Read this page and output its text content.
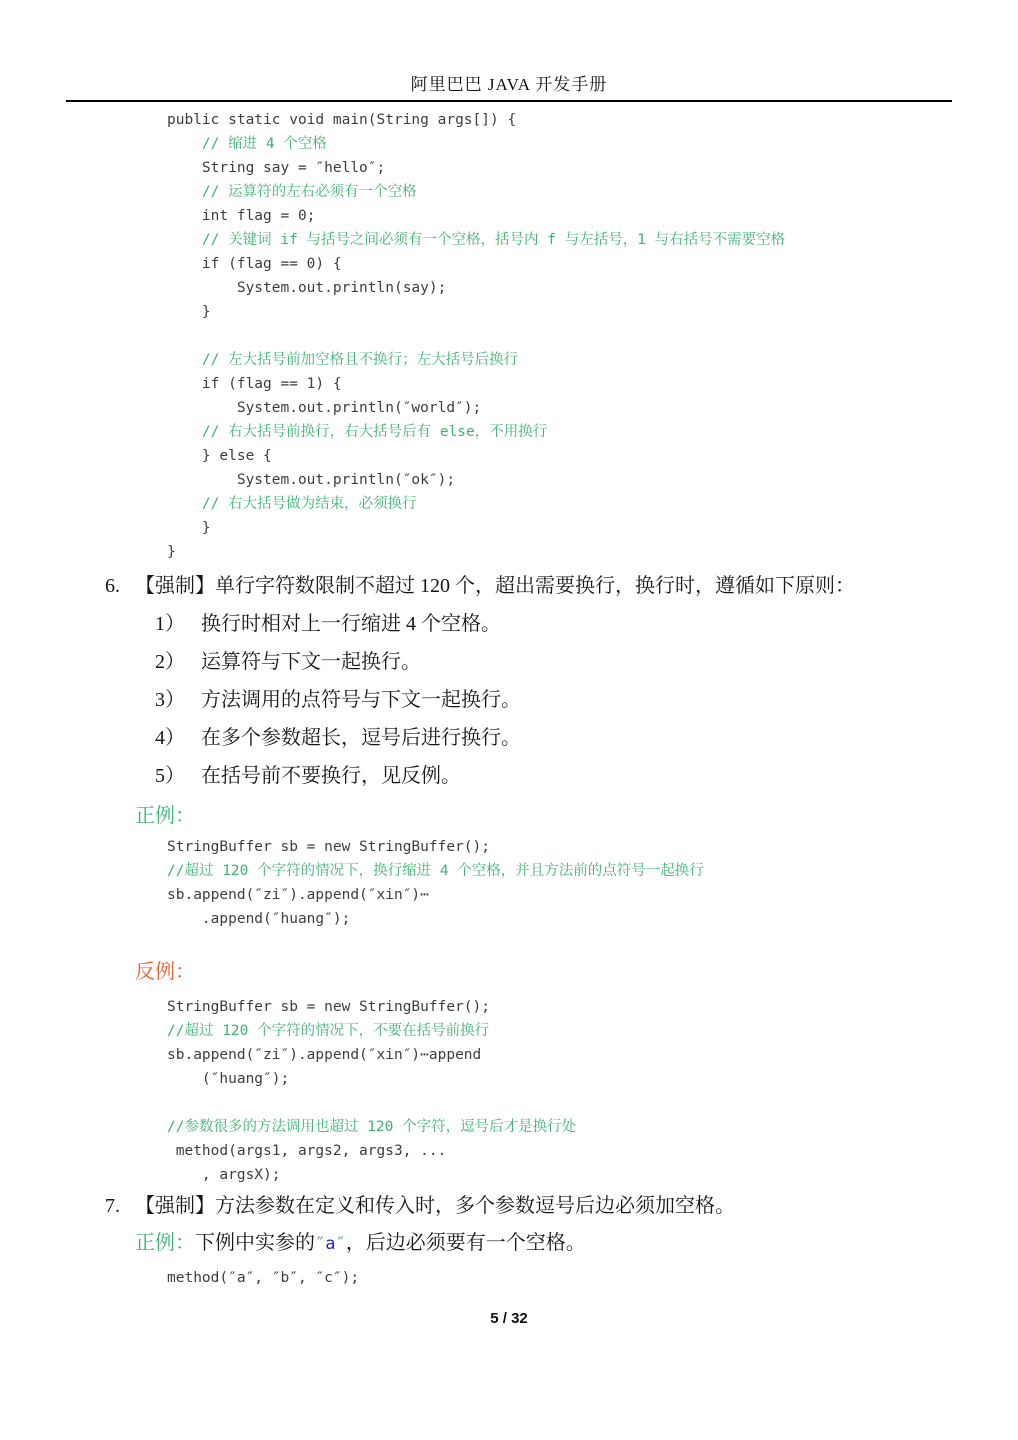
阿里巴巴 JAVA 开发手册
public static void main(String args[]) {
// 缩进 4 个空格
String say = ″hello″;
// 运算符的左右必须有一个空格
int flag = 0;
// 关键词 if 与括号之间必须有一个空格，括号内 f 与左括号，1 与右括号不需要空格
if (flag == 0) {
System.out.println(say);
}

// 左大括号前加空格且不换行；左大括号后换行
if (flag == 1) {
System.out.println(″world″);
// 右大括号前换行，右大括号后有 else，不用换行
} else {
System.out.println(″ok″);
// 右大括号做为结束，必须换行
}
}
6. 【强制】单行字符数限制不超过 120 个，超出需要换行，换行时，遵循如下原则：
1） 换行时相对上一行缩进 4 个空格。
2） 运算符与下文一起换行。
3） 方法调用的点符号与下文一起换行。
4） 在多个参数超长，逗号后进行换行。
5） 在括号前不要换行，见反例。
正例：
StringBuffer sb = new StringBuffer();
//超过 120 个字符的情况下，换行缩进 4 个空格，并且方法前的点符号一起换行
sb.append(″zi″).append(″xin″)⋯
.append(″huang″);
反例：
StringBuffer sb = new StringBuffer();
//超过 120 个字符的情况下，不要在括号前换行
sb.append(″zi″).append(″xin″)⋯append
(″huang″);

//参数很多的方法调用也超过 120 个字符，逗号后才是换行处
method(args1, args2, args3, ...
, argsX);
7. 【强制】方法参数在定义和传入时，多个参数逗号后边必须加空格。
正例：下例中实参的″a″，后边必须要有一个空格。
method(″a″, ″b″, ″c″);
5 / 32
